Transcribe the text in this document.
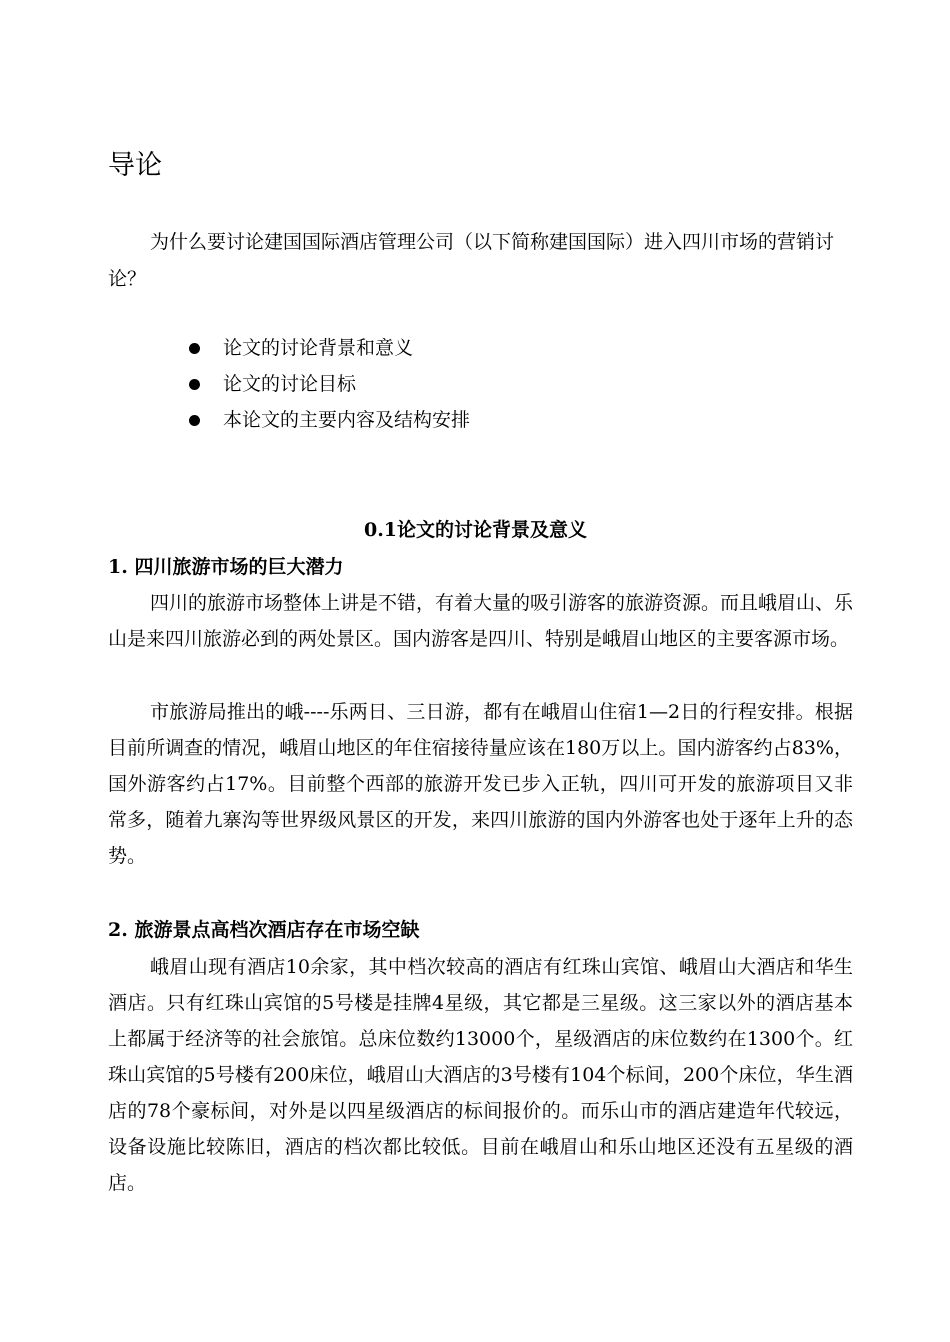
导论

为什么要讨论建国国际酒店管理公司（以下简称建国国际）进入四川市场的营销讨论？

论文的讨论背景和意义
论文的讨论目标
本论文的主要内容及结构安排
0.1论文的讨论背景及意义
1. 四川旅游市场的巨大潜力

四川的旅游市场整体上讲是不错，有着大量的吸引游客的旅游资源。而且峨眉山、乐山是来四川旅游必到的两处景区。国内游客是四川、特别是峨眉山地区的主要客源市场。

市旅游局推出的峨----乐两日、三日游，都有在峨眉山住宿1—2日的行程安排。根据目前所调查的情况，峨眉山地区的年住宿接待量应该在180万以上。国内游客约占83%，国外游客约占17%。目前整个西部的旅游开发已步入正轨，四川可开发的旅游项目又非常多，随着九寨沟等世界级风景区的开发，来四川旅游的国内外游客也处于逐年上升的态势。

2. 旅游景点高档次酒店存在市场空缺

峨眉山现有酒店10余家，其中档次较高的酒店有红珠山宾馆、峨眉山大酒店和华生酒店。只有红珠山宾馆的5号楼是挂牌4星级，其它都是三星级。这三家以外的酒店基本上都属于经济等的社会旅馆。总床位数约13000个，星级酒店的床位数约在1300个。红珠山宾馆的5号楼有200床位，峨眉山大酒店的3号楼有104个标间，200个床位，华生酒店的78个豪标间，对外是以四星级酒店的标间报价的。而乐山市的酒店建造年代较远，设备设施比较陈旧，酒店的档次都比较低。目前在峨眉山和乐山地区还没有五星级的酒店。
